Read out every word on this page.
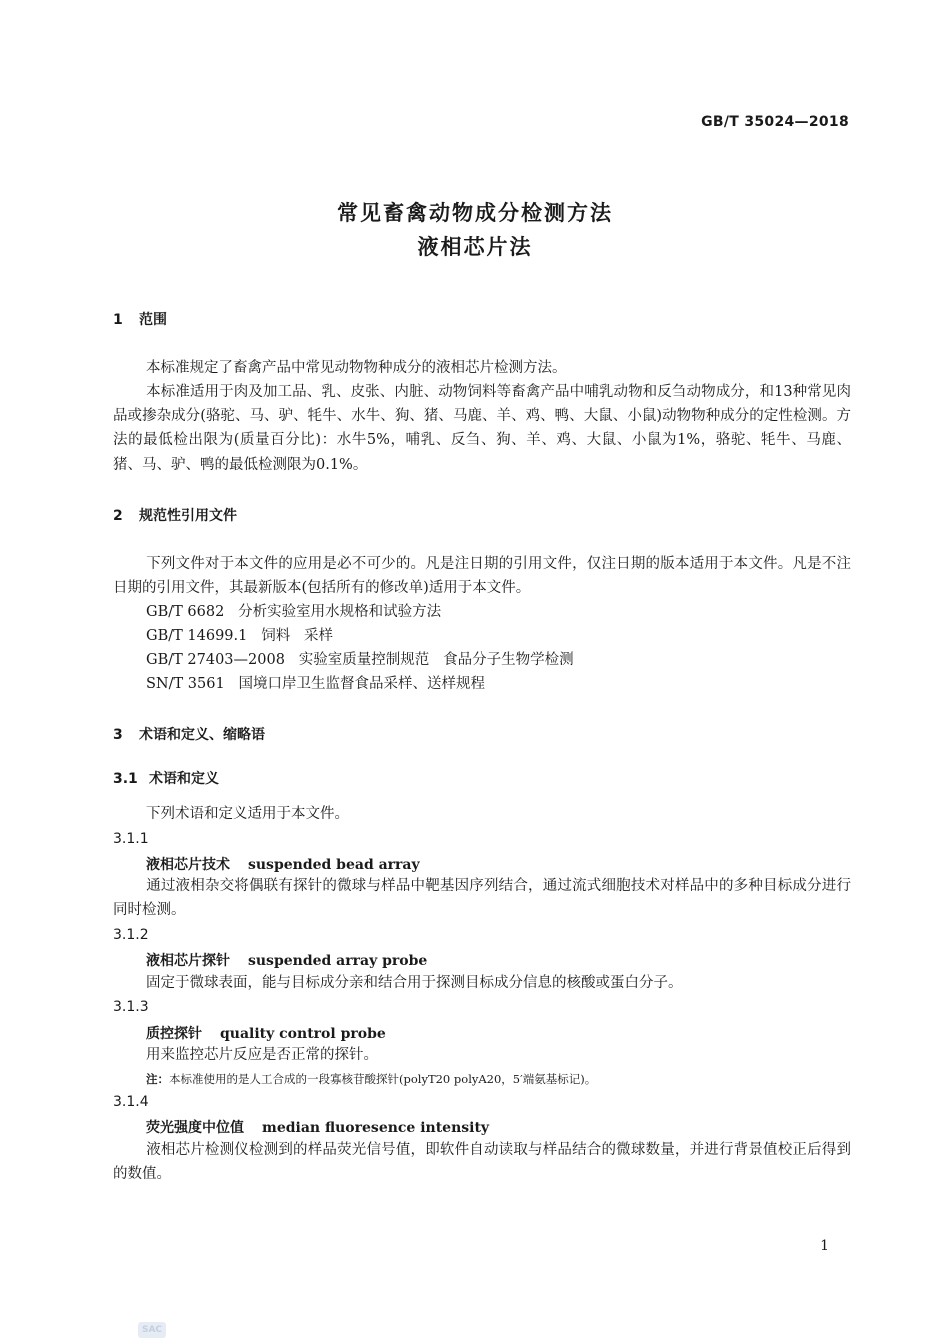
GB/T 35024—2018
常见畜禽动物成分检测方法
液相芯片法
1 范围
本标准规定了畜禽产品中常见动物物种成分的液相芯片检测方法。
本标准适用于肉及加工品、乳、皮张、内脏、动物饲料等畜禽产品中哺乳动物和反刍动物成分，和13种常见肉品或掺杂成分(骆驼、马、驴、牦牛、水牛、狗、猪、马鹿、羊、鸡、鸭、大鼠、小鼠)动物物种成分的定性检测。方法的最低检出限为(质量百分比)：水牛5%，哺乳、反刍、狗、羊、鸡、大鼠、小鼠为1%，骆驼、牦牛、马鹿、猪、马、驴、鸭的最低检测限为0.1%。
2 规范性引用文件
下列文件对于本文件的应用是必不可少的。凡是注日期的引用文件，仅注日期的版本适用于本文件。凡是不注日期的引用文件，其最新版本(包括所有的修改单)适用于本文件。
GB/T 6682   分析实验室用水规格和试验方法
GB/T 14699.1   饲料   采样
GB/T 27403—2008   实验室质量控制规范   食品分子生物学检测
SN/T 3561   国境口岸卫生监督食品采样、送样规程
3 术语和定义、缩略语
3.1 术语和定义
下列术语和定义适用于本文件。
3.1.1
液相芯片技术 suspended bead array
通过液相杂交将偶联有探针的微球与样品中靶基因序列结合，通过流式细胞技术对样品中的多种目标成分进行同时检测。
3.1.2
液相芯片探针 suspended array probe
固定于微球表面，能与目标成分亲和结合用于探测目标成分信息的核酸或蛋白分子。
3.1.3
质控探针 quality control probe
用来监控芯片反应是否正常的探针。
注：本标准使用的是人工合成的一段寡核苷酸探针(polyT20 polyA20，5′端氨基标记)。
3.1.4
荧光强度中位值 median fluoresence intensity
液相芯片检测仪检测到的样品荧光信号值，即软件自动读取与样品结合的微球数量，并进行背景值校正后得到的数值。
1
SAC
